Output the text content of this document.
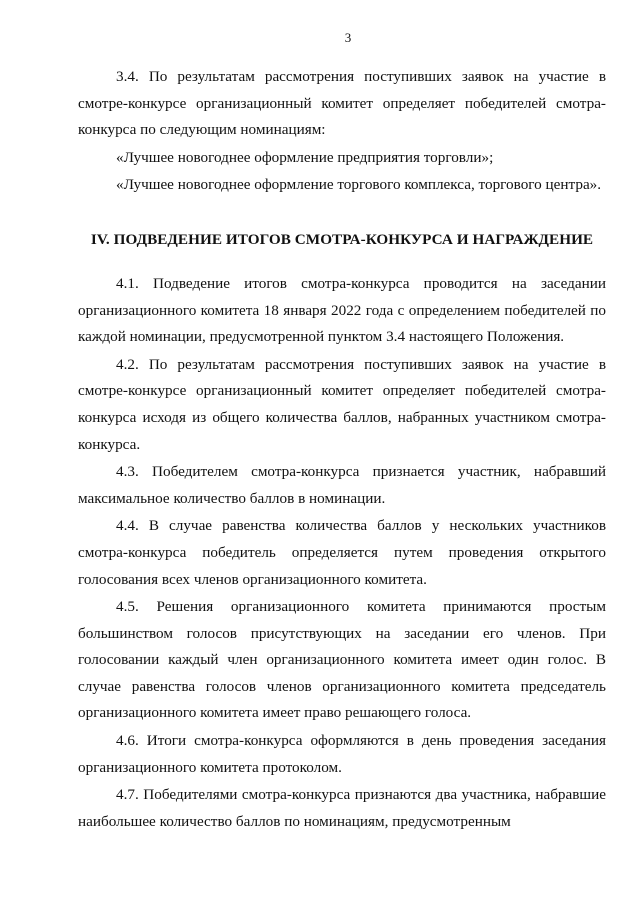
3

3.4. По результатам рассмотрения поступивших заявок на участие в смотре-конкурсе организационный комитет определяет победителей смотра-конкурса по следующим номинациям:

«Лучшее новогоднее оформление предприятия торговли»;

«Лучшее новогоднее оформление торгового комплекса, торгового центра».

IV. ПОДВЕДЕНИЕ ИТОГОВ СМОТРА-КОНКУРСА И НАГРАЖДЕНИЕ

4.1. Подведение итогов смотра-конкурса проводится на заседании организационного комитета 18 января 2022 года с определением победителей по каждой номинации, предусмотренной пунктом 3.4 настоящего Положения.

4.2. По результатам рассмотрения поступивших заявок на участие в смотре-конкурсе организационный комитет определяет победителей смотра-конкурса исходя из общего количества баллов, набранных участником смотра-конкурса.

4.3. Победителем смотра-конкурса признается участник, набравший максимальное количество баллов в номинации.

4.4. В случае равенства количества баллов у нескольких участников смотра-конкурса победитель определяется путем проведения открытого голосования всех членов организационного комитета.

4.5. Решения организационного комитета принимаются простым большинством голосов присутствующих на заседании его членов. При голосовании каждый член организационного комитета имеет один голос. В случае равенства голосов членов организационного комитета председатель организационного комитета имеет право решающего голоса.

4.6. Итоги смотра-конкурса оформляются в день проведения заседания организационного комитета протоколом.

4.7. Победителями смотра-конкурса признаются два участника, набравшие наибольшее количество баллов по номинациям, предусмотренным
